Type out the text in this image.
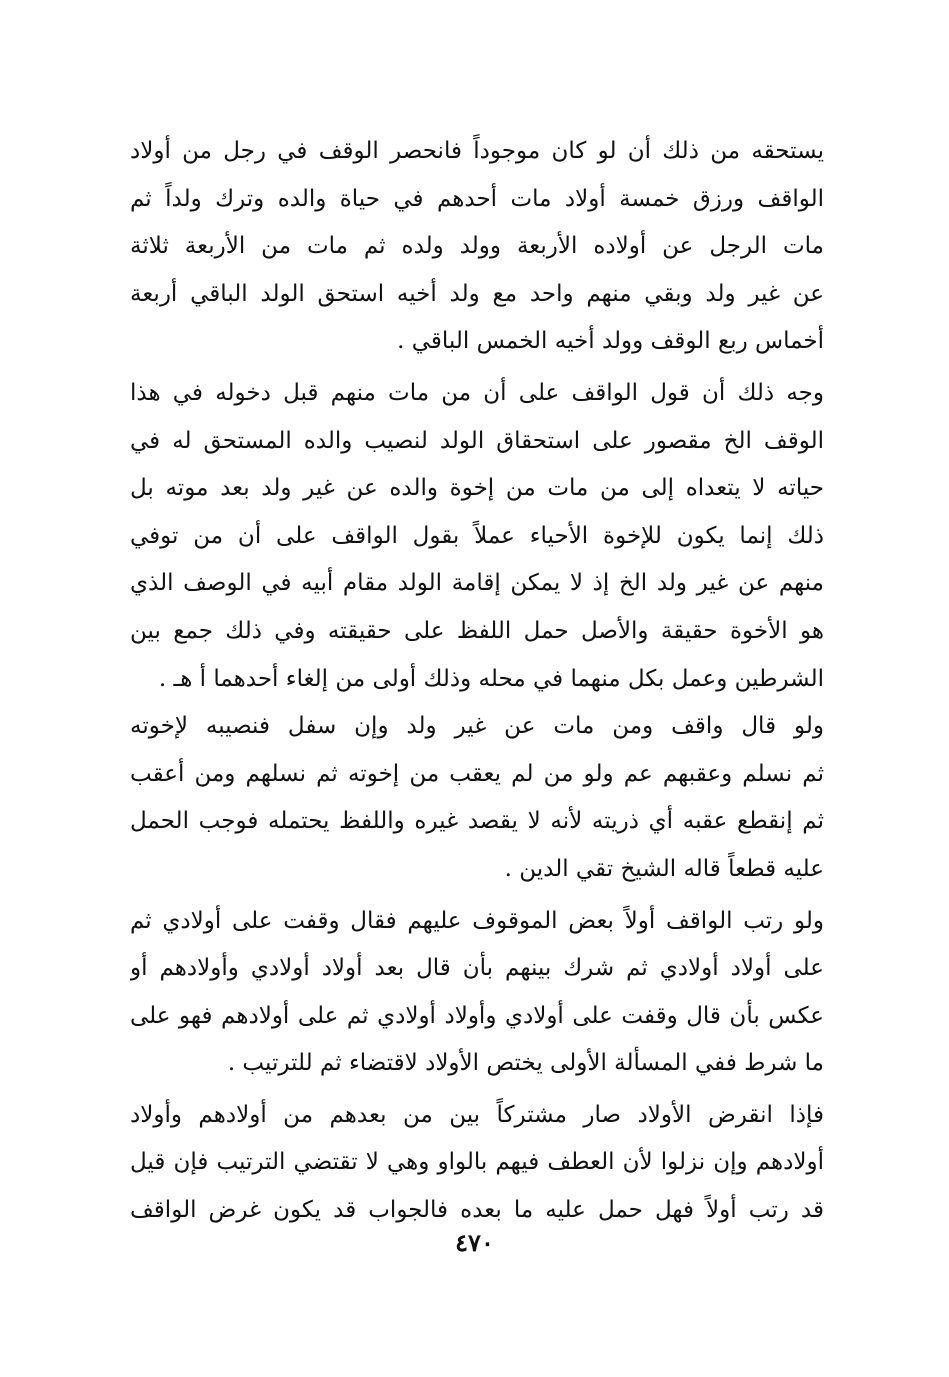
يستحقه من ذلك أن لو كان موجوداً فانحصر الوقف في رجل من أولاد
الواقف ورزق خمسة أولاد مات أحدهم في حياة والده وترك ولداً ثم
مات الرجل عن أولاده الأربعة وولد ولده ثم مات من الأربعة ثلاثة
عن غير ولد وبقي منهم واحد مع ولد أخيه استحق الولد الباقي أربعة
أخماس ربع الوقف وولد أخيه الخمس الباقي .
وجه ذلك أن قول الواقف على أن من مات منهم قبل دخوله في هذا
الوقف الخ مقصور على استحقاق الولد لنصيب والده المستحق له في
حياته لا يتعداه إلى من مات من إخوة والده عن غير ولد بعد موته بل
ذلك إنما يكون للإخوة الأحياء عملاً بقول الواقف على أن من توفي
منهم عن غير ولد الخ إذ لا يمكن إقامة الولد مقام أبيه في الوصف الذي
هو الأخوة حقيقة والأصل حمل اللفظ على حقيقته وفي ذلك جمع بين
الشرطين وعمل بكل منهما في محله وذلك أولى من إلغاء أحدهما أ هـ .
ولو قال واقف ومن مات عن غير ولد وإن سفل فنصيبه لإخوته
ثم نسلم وعقبهم عم ولو من لم يعقب من إخوته ثم نسلهم ومن أعقب
ثم إنقطع عقبه أي ذريته لأنه لا يقصد غيره واللفظ يحتمله فوجب الحمل
عليه قطعاً قاله الشيخ تقي الدين .
ولو رتب الواقف أولاً بعض الموقوف عليهم فقال وقفت على أولادي ثم
على أولاد أولادي ثم شرك بينهم بأن قال بعد أولاد أولادي وأولادهم أو
عكس بأن قال وقفت على أولادي وأولاد أولادي ثم على أولادهم فهو على
ما شرط ففي المسألة الأولى يختص الأولاد لاقتضاء ثم للترتيب .
فإذا انقرض الأولاد صار مشتركاً بين من بعدهم من أولادهم وأولاد
أولادهم وإن نزلوا لأن العطف فيهم بالواو وهي لا تقتضي الترتيب فإن قيل
قد رتب أولاً فهل حمل عليه ما بعده فالجواب قد يكون غرض الواقف
٤٧٠
